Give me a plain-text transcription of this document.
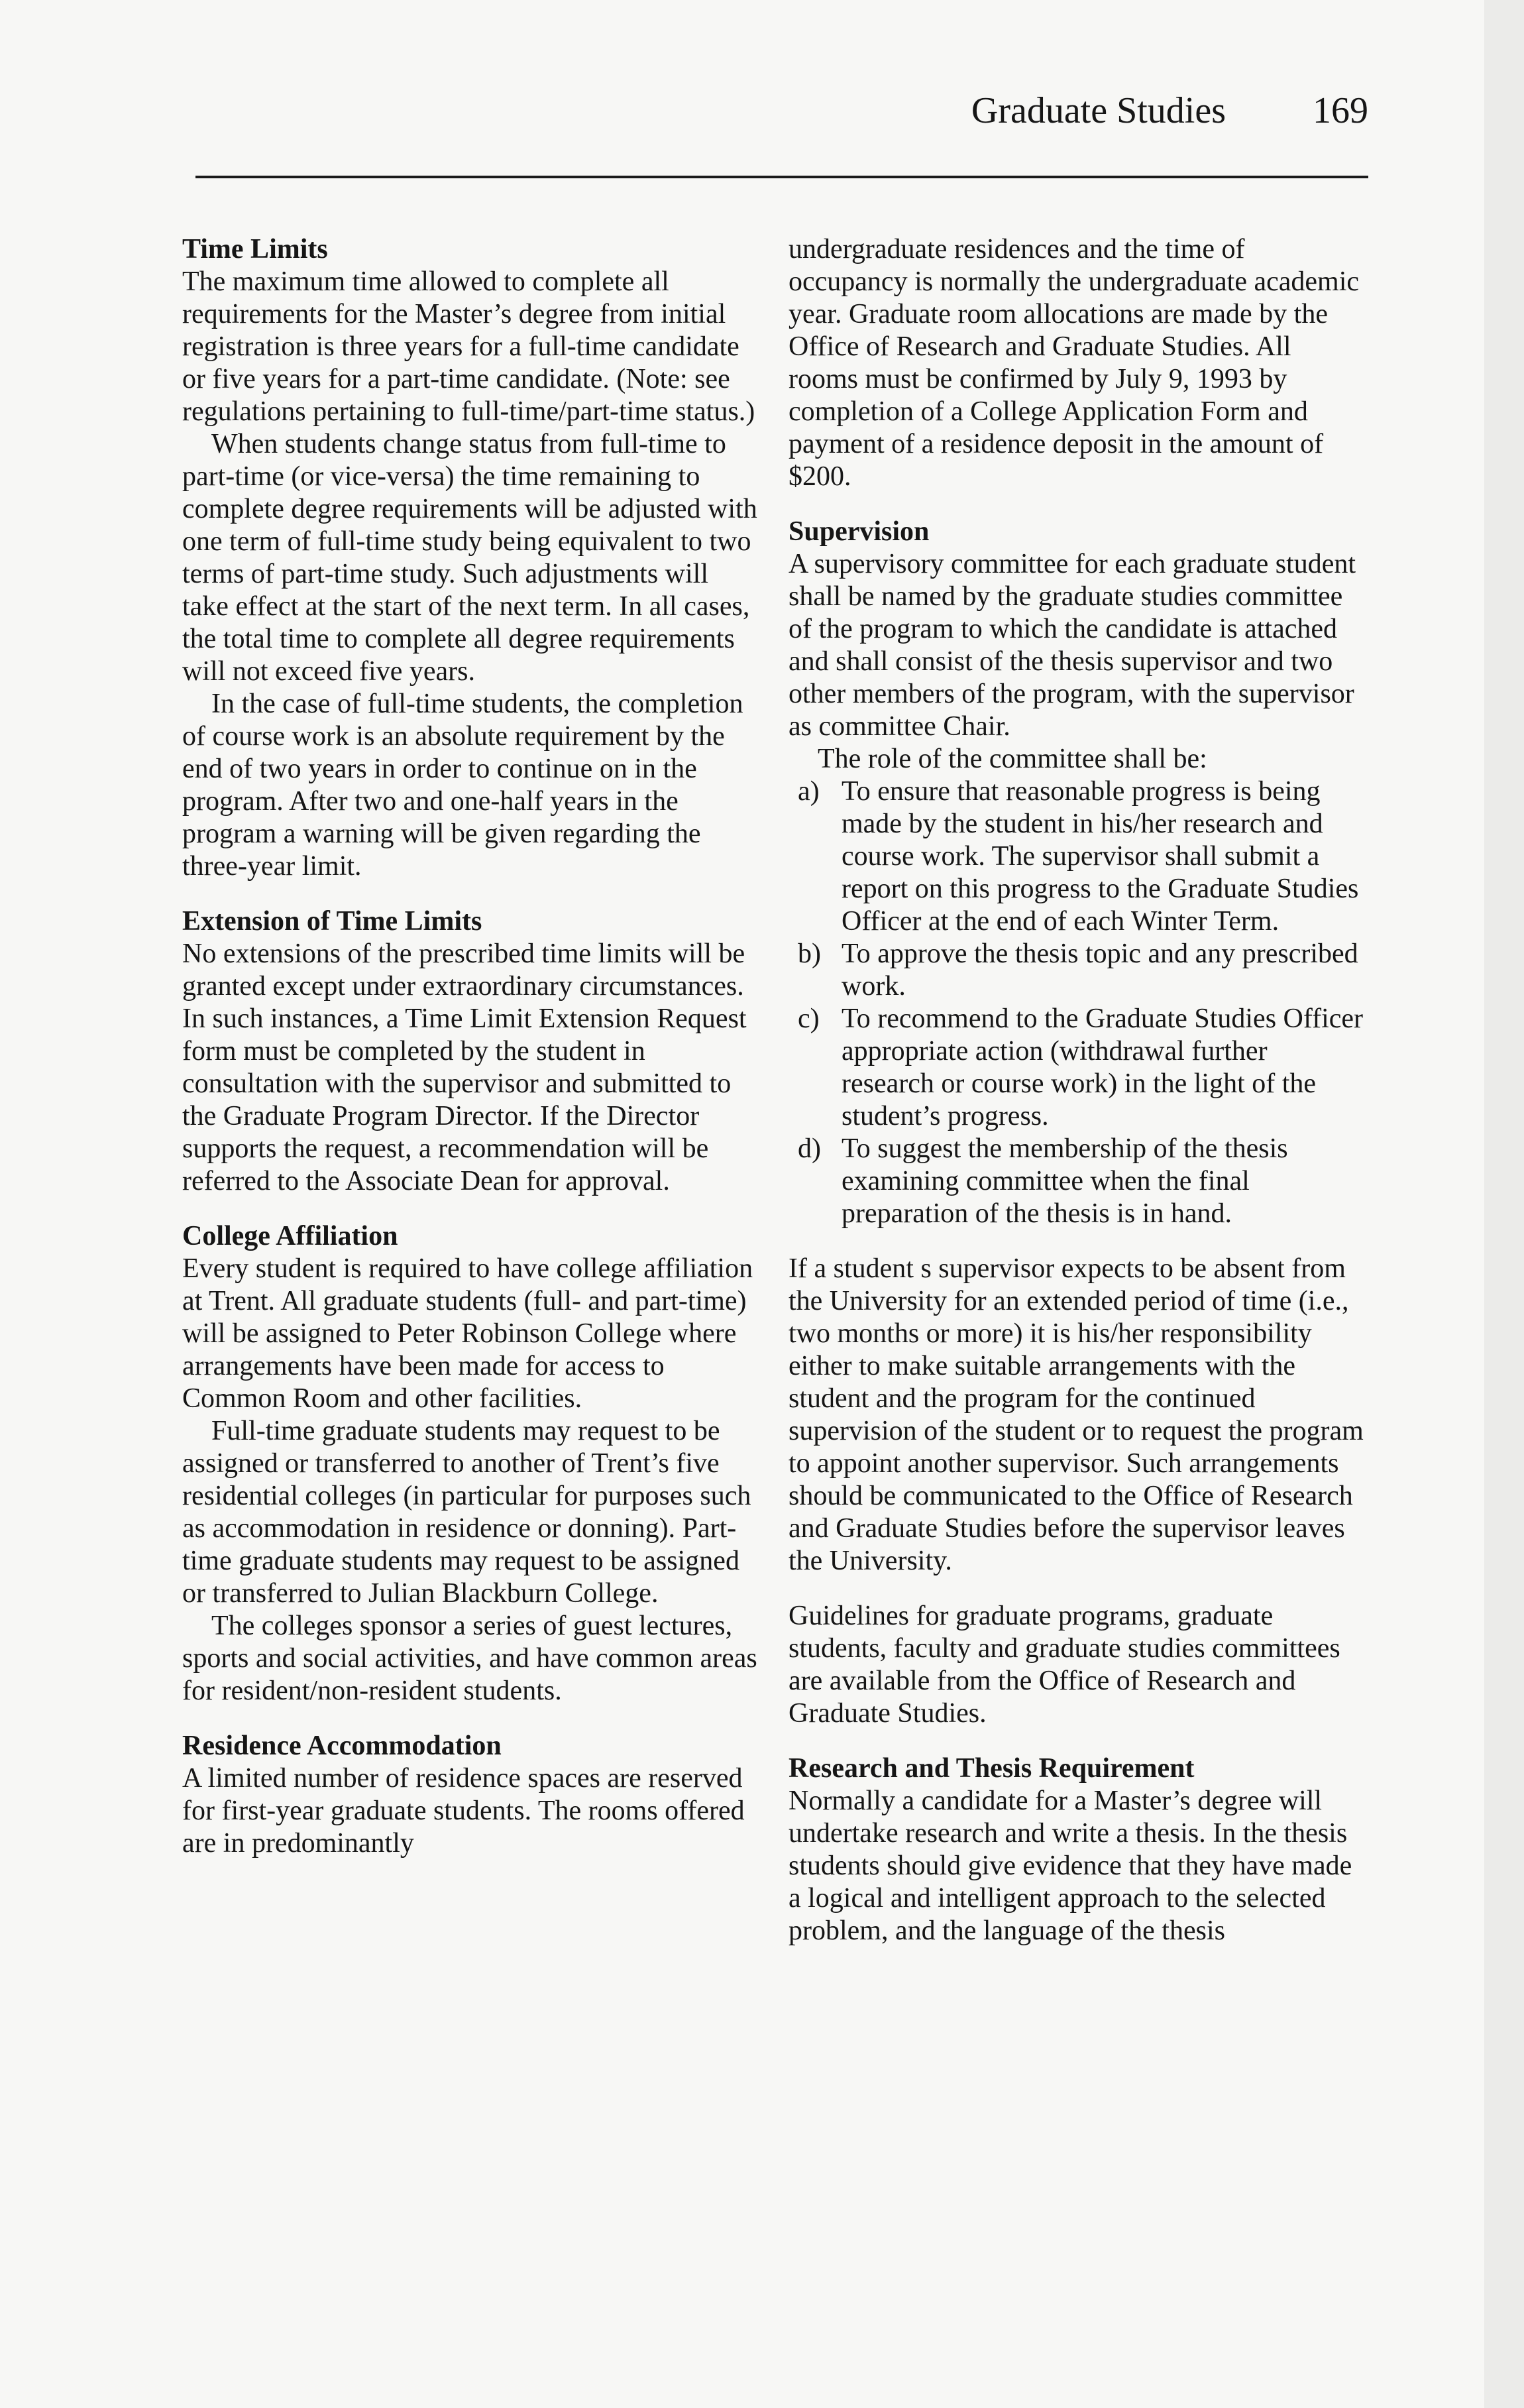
Graduate Studies 169

Time Limits

The maximum time allowed to complete all requirements for the Master’s degree from initial registration is three years for a full-time candidate or five years for a part-time candidate. (Note: see regulations pertaining to full-time/part-time status.)

When students change status from full-time to part-time (or vice-versa) the time remaining to complete degree requirements will be adjusted with one term of full-time study being equivalent to two terms of part-time study. Such adjustments will take effect at the start of the next term. In all cases, the total time to complete all degree requirements will not exceed five years.

In the case of full-time students, the completion of course work is an absolute requirement by the end of two years in order to continue on in the program. After two and one-half years in the program a warning will be given regarding the three-year limit.

Extension of Time Limits

No extensions of the prescribed time limits will be granted except under extraordinary circumstances. In such instances, a Time Limit Extension Request form must be completed by the student in consultation with the supervisor and submitted to the Graduate Program Director. If the Director supports the request, a recommendation will be referred to the Associate Dean for approval.

College Affiliation

Every student is required to have college affiliation at Trent. All graduate students (full- and part-time) will be assigned to Peter Robinson College where arrangements have been made for access to Common Room and other facilities.

Full-time graduate students may request to be assigned or transferred to another of Trent’s five residential colleges (in particular for purposes such as accommodation in residence or donning). Part-time graduate students may request to be assigned or transferred to Julian Blackburn College.

The colleges sponsor a series of guest lectures, sports and social activities, and have common areas for resident/non-resident students.

Residence Accommodation

A limited number of residence spaces are reserved for first-year graduate students. The rooms offered are in predominantly

undergraduate residences and the time of occupancy is normally the undergraduate academic year. Graduate room allocations are made by the Office of Research and Graduate Studies. All rooms must be confirmed by July 9, 1993 by completion of a College Application Form and payment of a residence deposit in the amount of $200.

Supervision

A supervisory committee for each graduate student shall be named by the graduate studies committee of the program to which the candidate is attached and shall consist of the thesis supervisor and two other members of the program, with the supervisor as committee Chair.

The role of the committee shall be:

a) To ensure that reasonable progress is being made by the student in his/her research and course work. The supervisor shall submit a report on this progress to the Graduate Studies Officer at the end of each Winter Term.
b) To approve the thesis topic and any prescribed work.
c) To recommend to the Graduate Studies Officer appropriate action (withdrawal further research or course work) in the light of the student’s progress.
d) To suggest the membership of the thesis examining committee when the final preparation of the thesis is in hand.

If a student s supervisor expects to be absent from the University for an extended period of time (i.e., two months or more) it is his/her responsibility either to make suitable arrangements with the student and the program for the continued supervision of the student or to request the program to appoint another supervisor. Such arrangements should be communicated to the Office of Research and Graduate Studies before the supervisor leaves the University.

Guidelines for graduate programs, graduate students, faculty and graduate studies committees are available from the Office of Research and Graduate Studies.

Research and Thesis Requirement

Normally a candidate for a Master’s degree will undertake research and write a thesis. In the thesis students should give evidence that they have made a logical and intelligent approach to the selected problem, and the language of the thesis
